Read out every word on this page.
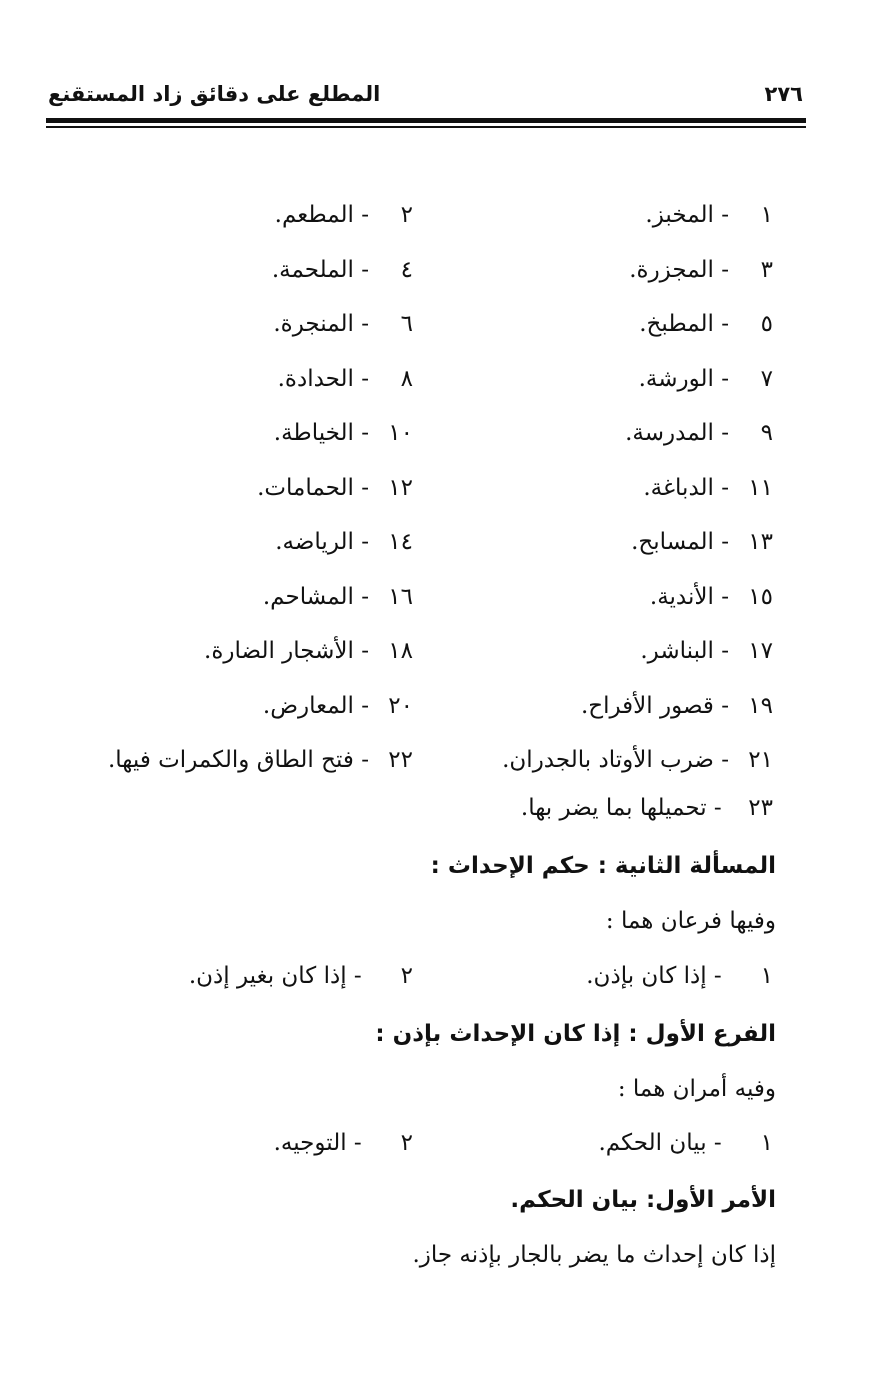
المطلع على دقائق زاد المستقنع	٢٧٦
١- المخبز.
٢- المطعم.
٣- المجزرة.
٤- الملحمة.
٥- المطبخ.
٦- المنجرة.
٧- الورشة.
٨- الحدادة.
٩- المدرسة.
١٠- الخياطة.
١١- الدباغة.
١٢- الحمامات.
١٣- المسابح.
١٤- الرياضه.
١٥- الأندية.
١٦- المشاحم.
١٧- البناشر.
١٨- الأشجار الضارة.
١٩- قصور الأفراح.
٢٠- المعارض.
٢١- ضرب الأوتاد بالجدران.
٢٢- فتح الطاق والكمرات فيها.
٢٣ - تحميلها بما يضر بها.
المسألة الثانية : حكم الإحداث :
وفيها فرعان هما :
١ - إذا كان بإذن.
٢ - إذا كان بغير إذن.
الفرع الأول : إذا كان الإحداث بإذن :
وفيه أمران هما :
١ - بيان الحكم.
٢ - التوجيه.
الأمر الأول: بيان الحكم.
إذا كان إحداث ما يضر بالجار بإذنه جاز.
